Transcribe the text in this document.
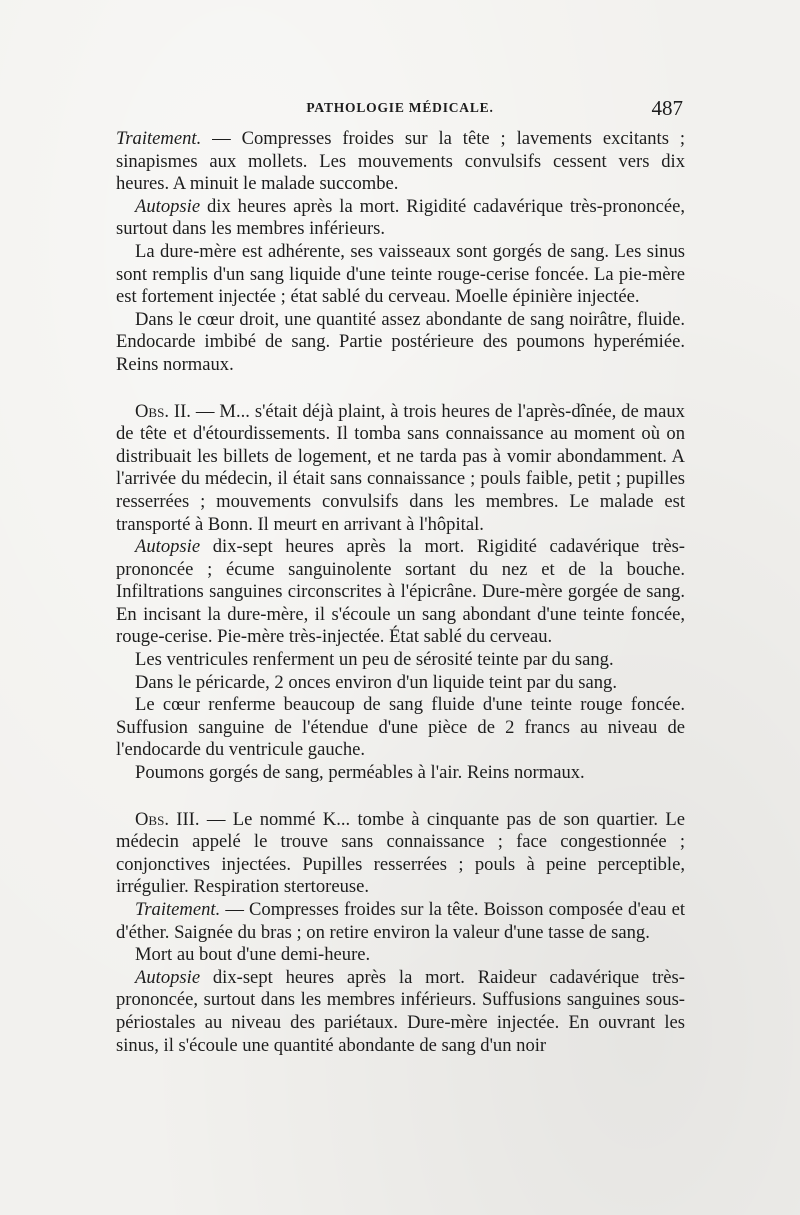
PATHOLOGIE MÉDICALE.	487

Traitement. — Compresses froides sur la tête ; lavements excitants ; sinapismes aux mollets. Les mouvements convulsifs cessent vers dix heures. A minuit le malade succombe.

Autopsie dix heures après la mort. Rigidité cadavérique très-prononcée, surtout dans les membres inférieurs.

La dure-mère est adhérente, ses vaisseaux sont gorgés de sang. Les sinus sont remplis d'un sang liquide d'une teinte rouge-cerise foncée. La pie-mère est fortement injectée ; état sablé du cerveau. Moelle épinière injectée.

Dans le cœur droit, une quantité assez abondante de sang noirâtre, fluide. Endocarde imbibé de sang. Partie postérieure des poumons hyperémiée. Reins normaux.

Obs. II. — M... s'était déjà plaint, à trois heures de l'après-dînée, de maux de tête et d'étourdissements. Il tomba sans connaissance au moment où on distribuait les billets de logement, et ne tarda pas à vomir abondamment. A l'arrivée du médecin, il était sans connaissance ; pouls faible, petit ; pupilles resserrées ; mouvements convulsifs dans les membres. Le malade est transporté à Bonn. Il meurt en arrivant à l'hôpital.

Autopsie dix-sept heures après la mort. Rigidité cadavérique très-prononcée ; écume sanguinolente sortant du nez et de la bouche. Infiltrations sanguines circonscrites à l'épicrâne. Dure-mère gorgée de sang. En incisant la dure-mère, il s'écoule un sang abondant d'une teinte foncée, rouge-cerise. Pie-mère très-injectée. État sablé du cerveau.

Les ventricules renferment un peu de sérosité teinte par du sang.

Dans le péricarde, 2 onces environ d'un liquide teint par du sang.

Le cœur renferme beaucoup de sang fluide d'une teinte rouge foncée. Suffusion sanguine de l'étendue d'une pièce de 2 francs au niveau de l'endocarde du ventricule gauche.

Poumons gorgés de sang, perméables à l'air. Reins normaux.

Obs. III. — Le nommé K... tombe à cinquante pas de son quartier. Le médecin appelé le trouve sans connaissance ; face congestionnée ; conjonctives injectées. Pupilles resserrées ; pouls à peine perceptible, irrégulier. Respiration stertoreuse.

Traitement. — Compresses froides sur la tête. Boisson composée d'eau et d'éther. Saignée du bras ; on retire environ la valeur d'une tasse de sang.

Mort au bout d'une demi-heure.

Autopsie dix-sept heures après la mort. Raideur cadavérique très-prononcée, surtout dans les membres inférieurs. Suffusions sanguines sous-périostales au niveau des pariétaux. Dure-mère injectée. En ouvrant les sinus, il s'écoule une quantité abondante de sang d'un noir
